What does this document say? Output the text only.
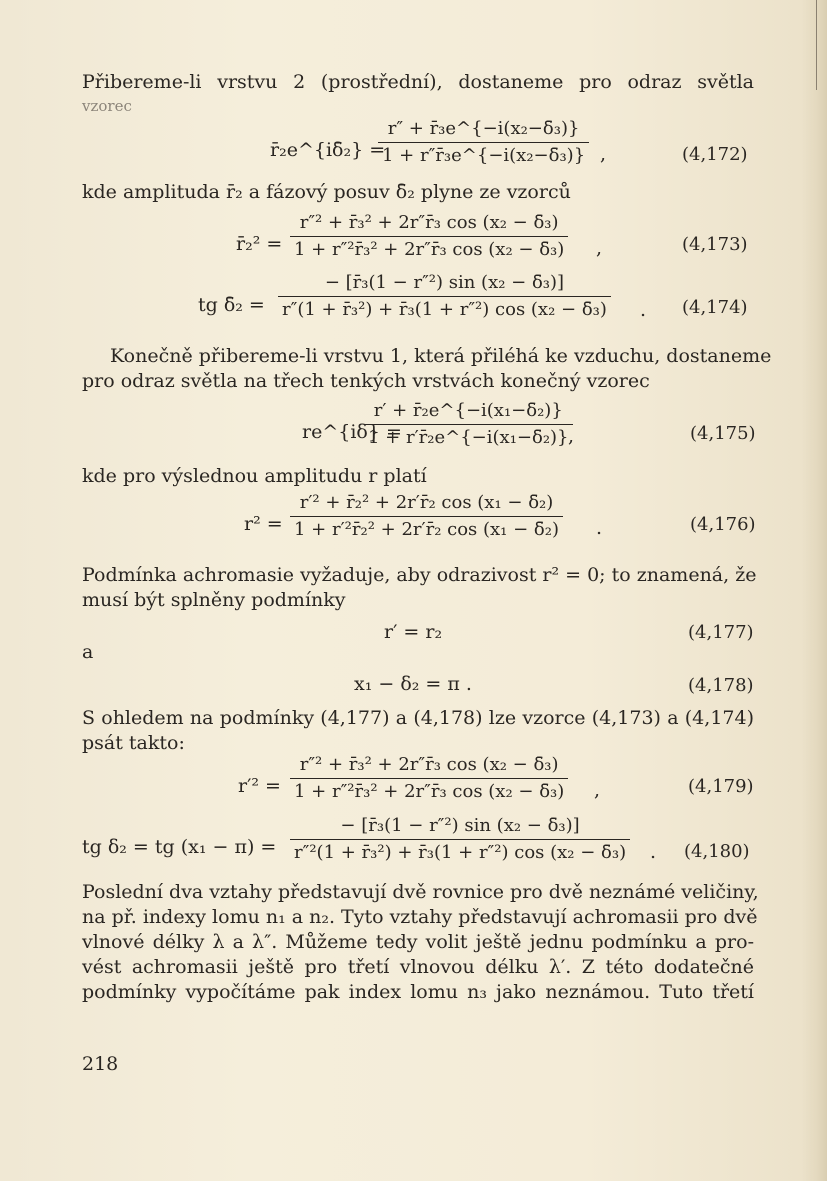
Přibereme-li vrstvu 2 (prostřední), dostaneme pro odraz světla
vzorec
r̄₂e^{iδ̄₂} =
r″ + r̄₃e^{−i(x₂−δ̄₃)}
1 + r″r̄₃e^{−i(x₂−δ̄₃)} ,	(4,172)
kde amplituda r̄₂ a fázový posuv δ̄₂ plyne ze vzorců
r̄₂² =
r″² + r̄₃² + 2r″r̄₃ cos (x₂ − δ̄₃)
1 + r″²r̄₃² + 2r″r̄₃ cos (x₂ − δ̄₃) ,	(4,173)
tg δ̄₂ =
− [r̄₃(1 − r″²) sin (x₂ − δ̄₃)]
r″(1 + r̄₃²) + r̄₃(1 + r″²) cos (x₂ − δ̄₃) . (4,174)
Konečně přibereme-li vrstvu 1, která přiléhá ke vzduchu, dostaneme
pro odraz světla na třech tenkých vrstvách konečný vzorec
re^{iδ} =
r′ + r̄₂e^{−i(x₁−δ̄₂)}
1 + r′r̄₂e^{−i(x₁−δ̄₂)} ,	(4,175)
kde pro výslednou amplitudu r platí
r² =
r′² + r̄₂² + 2r′r̄₂ cos (x₁ − δ̄₂)
1 + r′²r̄₂² + 2r′r̄₂ cos (x₁ − δ̄₂) .	(4,176)
Podmínka achromasie vyžaduje, aby odrazivost r² = 0; to znamená, že
musí být splněny podmínky
r′ = r₂	(4,177)
a
x₁ − δ₂ = π .	(4,178)
S ohledem na podmínky (4,177) a (4,178) lze vzorce (4,173) a (4,174)
psát takto:
r′² =
r″² + r̄₃² + 2r″r̄₃ cos (x₂ − δ̄₃)
1 + r″²r̄₃² + 2r″r̄₃ cos (x₂ − δ̄₃) ,	(4,179)
tg δ₂ = tg (x₁ − π) =
− [r̄₃(1 − r″²) sin (x₂ − δ̄₃)]
r″²(1 + r̄₃²) + r̄₃(1 + r″²) cos (x₂ − δ̄₃) . (4,180)
Poslední dva vztahy představují dvě rovnice pro dvě neznámé veličiny,
na př. indexy lomu n₁ a n₂. Tyto vztahy představují achromasii pro dvě
vlnové délky λ a λ″. Můžeme tedy volit ještě jednu podmínku a pro-
vést achromasii ještě pro třetí vlnovou délku λ′. Z této dodatečné
podmínky vypočítáme pak index lomu n₃ jako neznámou. Tuto třetí
218
